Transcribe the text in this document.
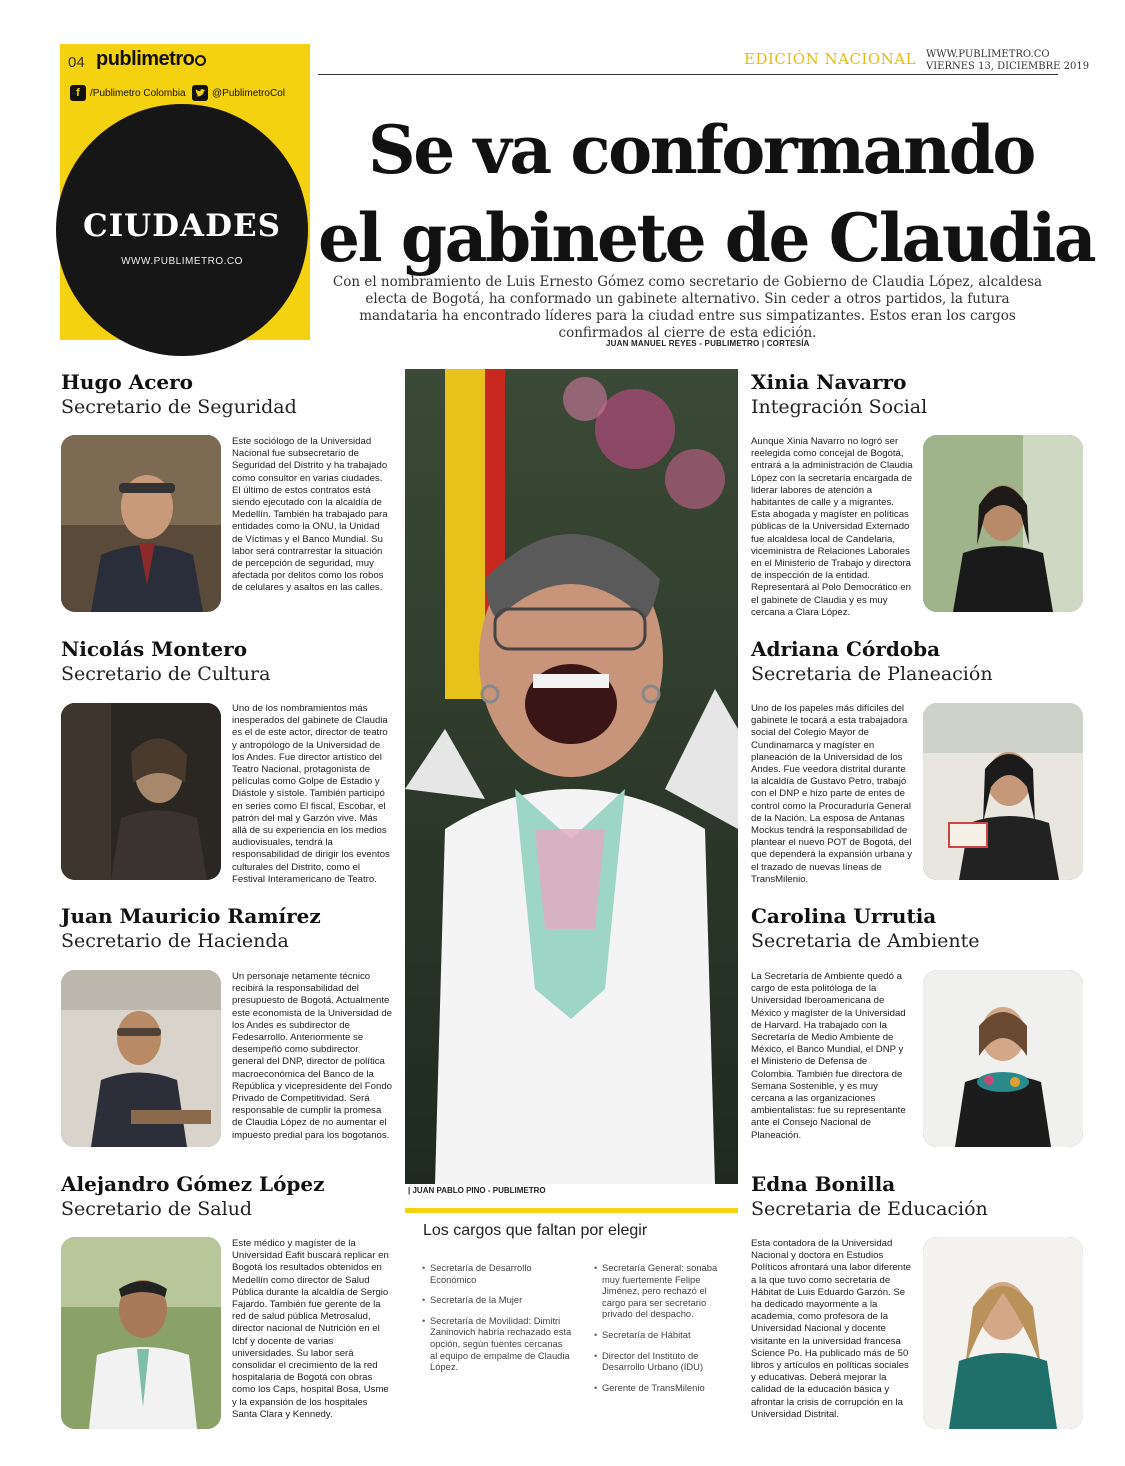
04 publimetro
f	/Publimetro Colombia	@PublimetroCol
CIUDADES
WWW.PUBLIMETRO.CO
EDICIÓN NACIONAL WWW.PUBLIMETRO.CO
VIERNES 13, DICIEMBRE 2019
Se va conformando
el gabinete de Claudia
Con el nombramiento de Luis Ernesto Gómez como secretario de Gobierno de Claudia López, alcaldesa electa de Bogotá, ha conformado un gabinete alternativo. Sin ceder a otros partidos, la futura mandataria ha encontrado líderes para la ciudad entre sus simpatizantes. Estos eran los cargos confirmados al cierre de esta edición.
JUAN MANUEL REYES - PUBLIMETRO | CORTESÍA
Hugo Acero
Secretario de Seguridad
Este sociólogo de la Universidad Nacional fue subsecretario de Seguridad del Distrito y ha trabajado como consultor en varias ciudades. El último de estos contratos está siendo ejecutado con la alcaldía de Medellín. También ha trabajado para entidades como la ONU, la Unidad de Víctimas y el Banco Mundial. Su labor será contrarrestar la situación de percepción de seguridad, muy afectada por delitos como los robos de celulares y asaltos en las calles.
Nicolás Montero
Secretario de Cultura
Uno de los nombramientos más inesperados del gabinete de Claudia es el de este actor, director de teatro y antropólogo de la Universidad de los Andes. Fue director artístico del Teatro Nacional, protagonista de películas como Golpe de Estadio y Diástole y sístole. También participó en series como El fiscal, Escobar, el patrón del mal y Garzón vive. Más allá de su experiencia en los medios audiovisuales, tendrá la responsabilidad de dirigir los eventos culturales del Distrito, como el Festival Interamericano de Teatro.
Juan Mauricio Ramírez
Secretario de Hacienda
Un personaje netamente técnico recibirá la responsabilidad del presupuesto de Bogotá. Actualmente este economista de la Universidad de los Andes es subdirector de Fedesarrollo. Anteriormente se desempeñó como subdirector general del DNP, director de política macroeconómica del Banco de la República y vicepresidente del Fondo Privado de Competitividad. Será responsable de cumplir la promesa de Claudia López de no aumentar el impuesto predial para los bogotanos.
Alejandro Gómez López
Secretario de Salud
Este médico y magíster de la Universidad Eafit buscará replicar en Bogotá los resultados obtenidos en Medellín como director de Salud Pública durante la alcaldía de Sergio Fajardo. También fue gerente de la red de salud pública Metrosalud, director nacional de Nutrición en el Icbf y docente de varias universidades. Su labor será consolidar el crecimiento de la red hospitalaria de Bogotá con obras como los Caps, hospital Bosa, Usme y la expansión de los hospitales Santa Clara y Kennedy.
| JUAN PABLO PINO - PUBLIMETRO
Los cargos que faltan por elegir
• Secretaría de Desarrollo Económico
• Secretaría de la Mujer
• Secretaría de Movilidad: Dimitri Zaninovich habría rechazado esta opción, según fuentes cercanas al equipo de empalme de Claudia López.
• Secretaría General: sonaba muy fuertemente Felipe Jiménez, pero rechazó el cargo para ser secretario privado del despacho.
• Secretaría de Hábitat
• Director del Instituto de Desarrollo Urbano (IDU)
• Gerente de TransMilenio
Xinia Navarro
Integración Social
Aunque Xinia Navarro no logró ser reelegida como concejal de Bogotá, entrará a la administración de Claudia López con la secretaría encargada de liderar labores de atención a habitantes de calle y a migrantes. Esta abogada y magíster en políticas públicas de la Universidad Externado fue alcaldesa local de Candelaria, viceministra de Relaciones Laborales en el Ministerio de Trabajo y directora de inspección de la entidad. Representará al Polo Democrático en el gabinete de Claudia y es muy cercana a Clara López.
Adriana Córdoba
Secretaria de Planeación
Uno de los papeles más difíciles del gabinete le tocará a esta trabajadora social del Colegio Mayor de Cundinamarca y magíster en planeación de la Universidad de los Andes. Fue veedora distrital durante la alcaldía de Gustavo Petro, trabajó con el DNP e hizo parte de entes de control como la Procuraduría General de la Nación. La esposa de Antanas Mockus tendrá la responsabilidad de plantear el nuevo POT de Bogotá, del que dependerá la expansión urbana y el trazado de nuevas líneas de TransMilenio.
Carolina Urrutia
Secretaria de Ambiente
La Secretaría de Ambiente quedó a cargo de esta politóloga de la Universidad Iberoamericana de México y magíster de la Universidad de Harvard. Ha trabajado con la Secretaría de Medio Ambiente de México, el Banco Mundial, el DNP y el Ministerio de Defensa de Colombia. También fue directora de Semana Sostenible, y es muy cercana a las organizaciones ambientalistas: fue su representante ante el Consejo Nacional de Planeación.
Edna Bonilla
Secretaria de Educación
Esta contadora de la Universidad Nacional y doctora en Estudios Políticos afrontará una labor diferente a la que tuvo como secretaria de Hábitat de Luis Eduardo Garzón. Se ha dedicado mayormente a la academia, como profesora de la Universidad Nacional y docente visitante en la universidad francesa Science Po. Ha publicado más de 50 libros y artículos en políticas sociales y educativas. Deberá mejorar la calidad de la educación básica y afrontar la crisis de corrupción en la Universidad Distrital.
